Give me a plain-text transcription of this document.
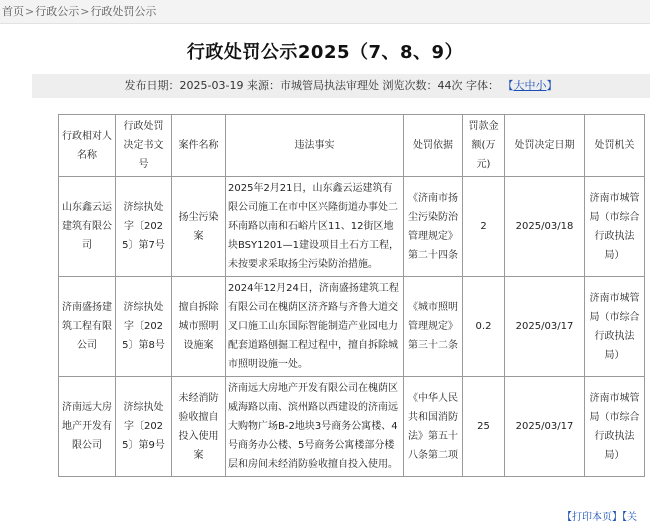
首页>行政公示>行政处罚公示
行政处罚公示2025（7、8、9）
发布日期：2025-03-19 来源：市城管局执法审理处 浏览次数：44次 字体： 【大中小】
行政相对人名称	行政处罚决定书文号	案件名称	违法事实	处罚依据	罚款金额(万元)	处罚决定日期	处罚机关
山东鑫云运建筑有限公司	济综执处字〔2025〕第7号	扬尘污染案	2025年2月21日，山东鑫云运建筑有限公司施工在市中区兴隆街道办事处二环南路以南和石峪片区11、12街区地块BSY1201—1建设项目土石方工程，未按要求采取扬尘污染防治措施。	《济南市扬尘污染防治管理规定》第二十四条	2	2025/03/18	济南市城管局（市综合行政执法局）
济南盛扬建筑工程有限公司	济综执处字〔2025〕第8号	擅自拆除城市照明设施案	2024年12月24日，济南盛扬建筑工程有限公司在槐荫区济齐路与齐鲁大道交叉口施工山东国际智能制造产业园电力配套道路刨掘工程过程中，擅自拆除城市照明设施一处。	《城市照明管理规定》第三十二条	0.2	2025/03/17	济南市城管局（市综合行政执法局）
济南远大房地产开发有限公司	济综执处字〔2025〕第9号	未经消防验收擅自投入使用案	济南远大房地产开发有限公司在槐荫区威海路以南、滨州路以西建设的济南远大购物广场B-2地块3号商务公寓楼、4号商务办公楼、5号商务公寓楼部分楼层和房间未经消防验收擅自投入使用。	《中华人民共和国消防法》第五十八条第二项	25	2025/03/17	济南市城管局（市综合行政执法局）
【打印本页】【关
